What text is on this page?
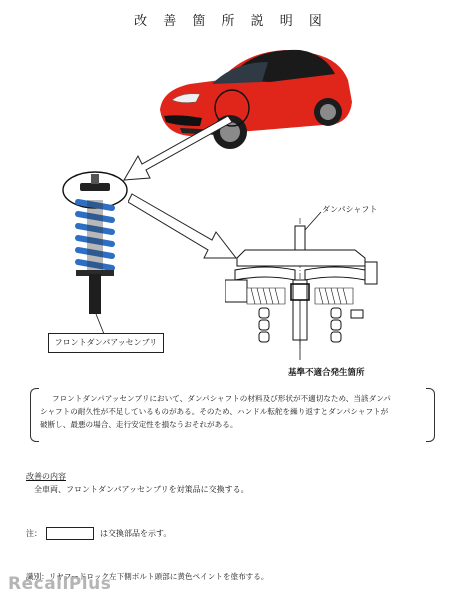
改 善 箇 所 説 明 図
フロントダンパアッセンブリ
ダンパシャフト
基準不適合発生箇所
フロントダンパアッセンブリにおいて、ダンパシャフトの材料及び形状が不適切なため、当該ダンパ
シャフトの耐久性が不足しているものがある。そのため、ハンドル転舵を繰り返すとダンパシャフトが
破断し、最悪の場合、走行安定性を損なうおそれがある。
改善の内容
全車両、フロントダンパアッセンブリを対策品に交換する。
注：	は交換部品を示す。
識別：リヤフードロック左下側ボルト頭部に黄色ペイントを塗布する。
RecallPlus
